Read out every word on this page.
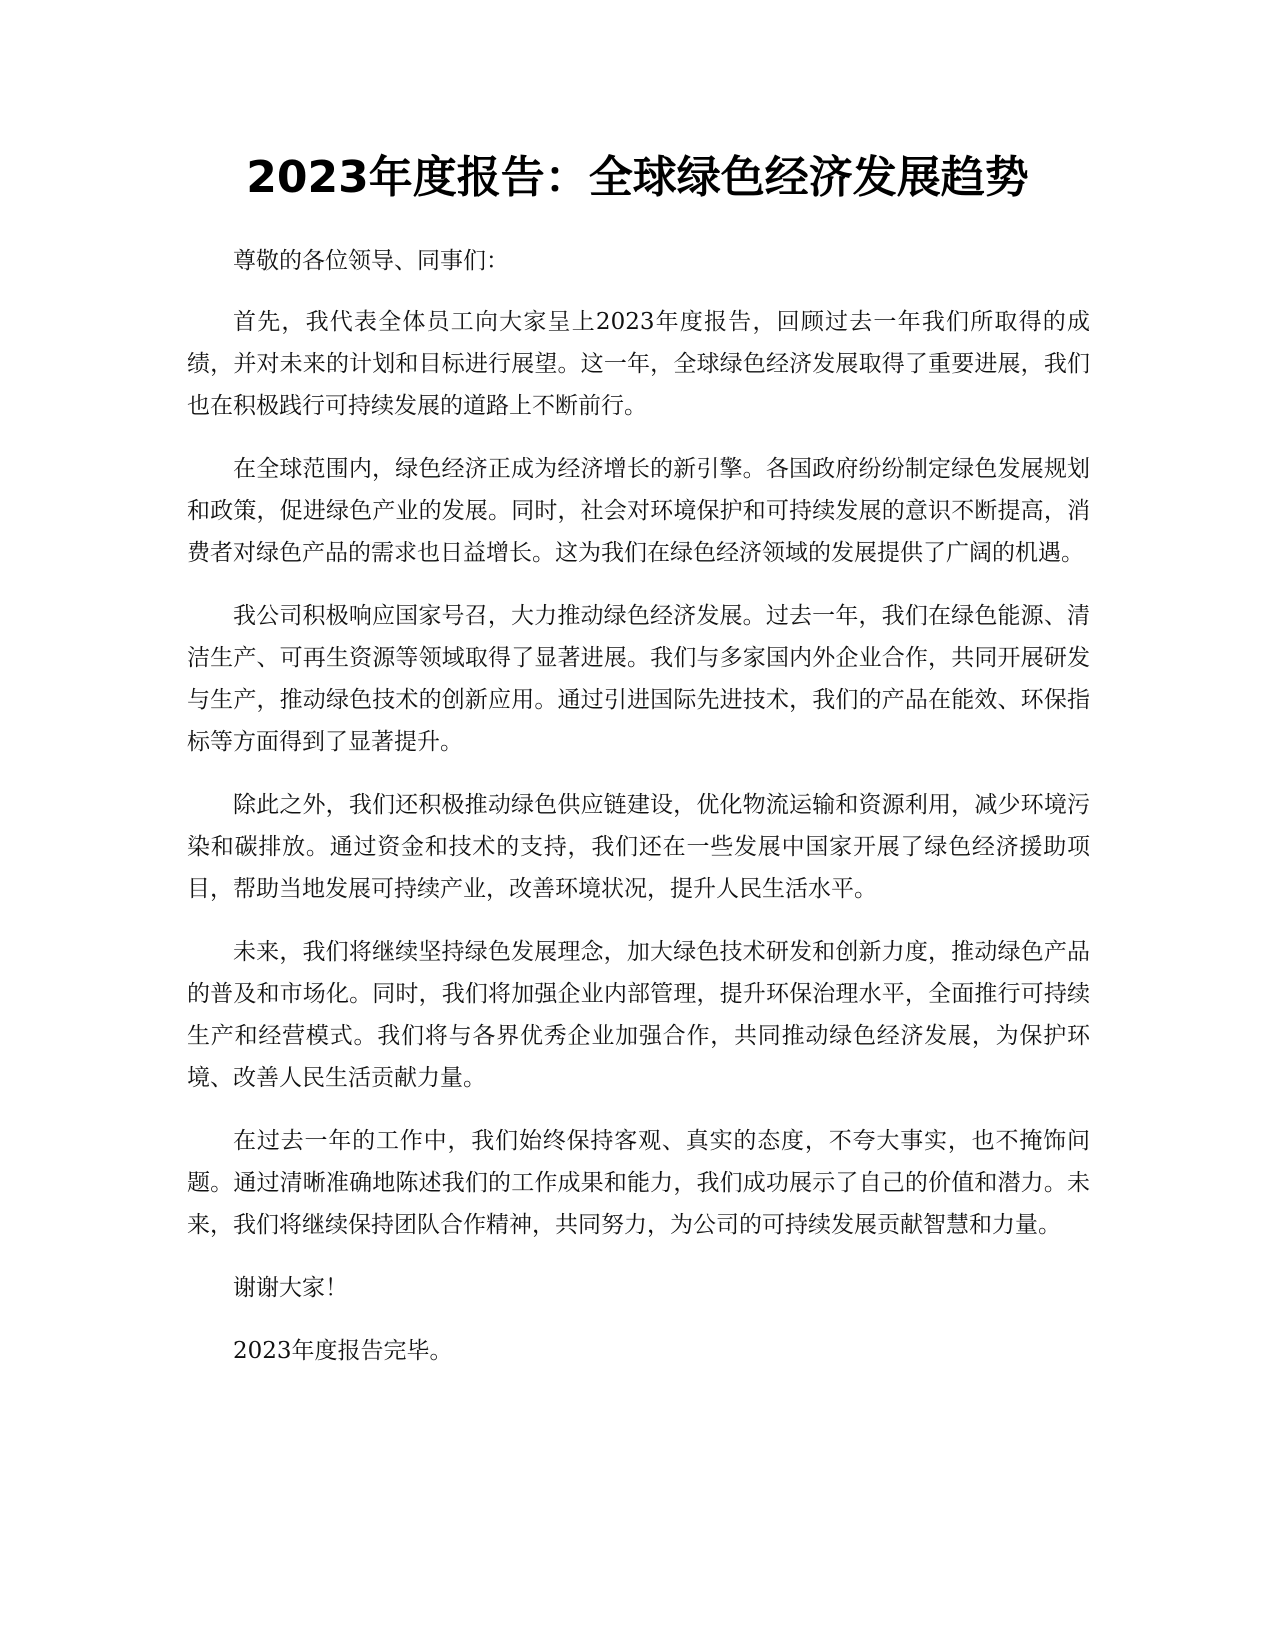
2023年度报告：全球绿色经济发展趋势

尊敬的各位领导、同事们：

首先，我代表全体员工向大家呈上2023年度报告，回顾过去一年我们所取得的成绩，并对未来的计划和目标进行展望。这一年，全球绿色经济发展取得了重要进展，我们也在积极践行可持续发展的道路上不断前行。

在全球范围内，绿色经济正成为经济增长的新引擎。各国政府纷纷制定绿色发展规划和政策，促进绿色产业的发展。同时，社会对环境保护和可持续发展的意识不断提高，消费者对绿色产品的需求也日益增长。这为我们在绿色经济领域的发展提供了广阔的机遇。

我公司积极响应国家号召，大力推动绿色经济发展。过去一年，我们在绿色能源、清洁生产、可再生资源等领域取得了显著进展。我们与多家国内外企业合作，共同开展研发与生产，推动绿色技术的创新应用。通过引进国际先进技术，我们的产品在能效、环保指标等方面得到了显著提升。

除此之外，我们还积极推动绿色供应链建设，优化物流运输和资源利用，减少环境污染和碳排放。通过资金和技术的支持，我们还在一些发展中国家开展了绿色经济援助项目，帮助当地发展可持续产业，改善环境状况，提升人民生活水平。

未来，我们将继续坚持绿色发展理念，加大绿色技术研发和创新力度，推动绿色产品的普及和市场化。同时，我们将加强企业内部管理，提升环保治理水平，全面推行可持续生产和经营模式。我们将与各界优秀企业加强合作，共同推动绿色经济发展，为保护环境、改善人民生活贡献力量。

在过去一年的工作中，我们始终保持客观、真实的态度，不夸大事实，也不掩饰问题。通过清晰准确地陈述我们的工作成果和能力，我们成功展示了自己的价值和潜力。未来，我们将继续保持团队合作精神，共同努力，为公司的可持续发展贡献智慧和力量。

谢谢大家！

2023年度报告完毕。
